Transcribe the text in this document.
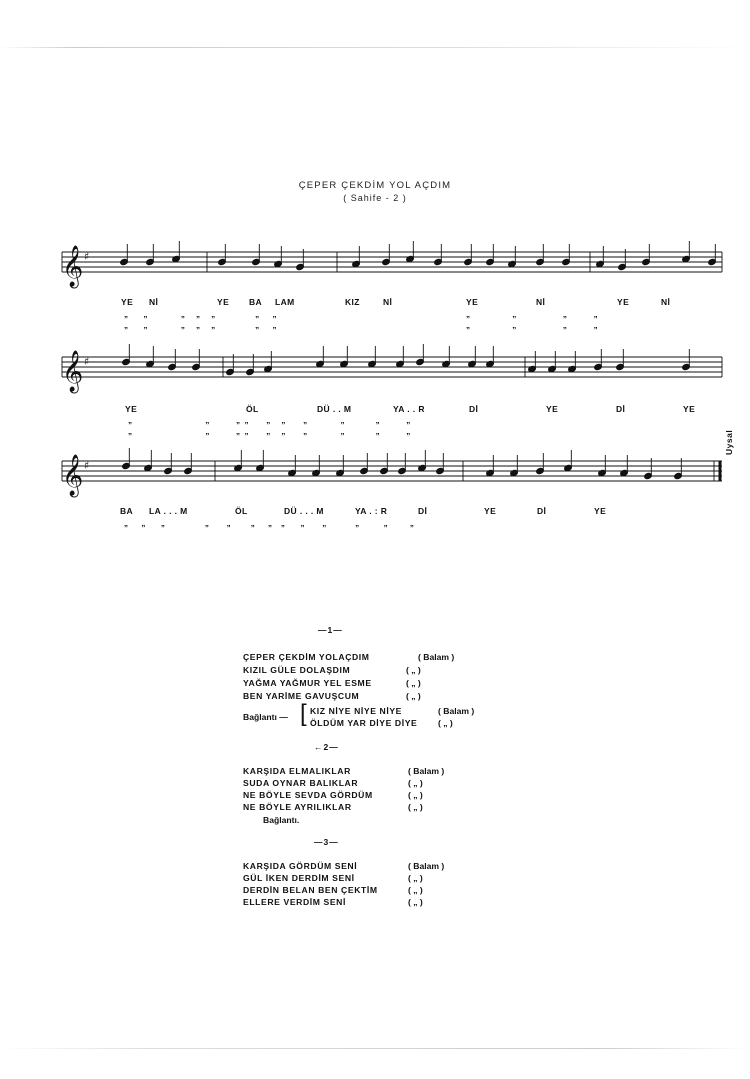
ÇEPER ÇEKDİM YOL AÇDIM
( Sahife - 2 )
𝄞 ♯
𝄞 ♯
𝄞 ♯
YE Nİ	YE BA LAM	KIZ	Nİ	YE	Nİ	YE	Nİ
YE	ÖL	DÜ . . M	YA . . R	Dİ	YE	Dİ	YE
BA LA . . . M	ÖL	DÜ . . . M	YA . : R	Dİ	YE	Dİ	YE
„       „               „     „     „                  „      „
„       „               „     „     „                  „      „
„                   „                     „            „
„                   „                     „            „
„                                 „            „  „        „     „        „               „              „            „
„                                 „            „  „        „     „        „               „              „            „
„      „       „                  „        „         „      „    „       „        „             „           „          „
Uysal
—1—
ÇEPER ÇEKDİM YOLAÇDIM	( Balam )
KIZIL GÜLE DOLAŞDIM	( „ )
YAĞMA YAĞMUR YEL ESME	( „ )
BEN YARİME GAVUŞCUM	( „ )
Bağlantı — [ KIZ NİYE NİYE NİYE	( Balam )
ÖLDÜM YAR DİYE DİYE ( „ )
←2—
KARŞIDA ELMALIKLAR	( Balam )
SUDA OYNAR BALIKLAR	( „ )
NE BÖYLE SEVDA GÖRDÜM	( „ )
NE BÖYLE AYRILIKLAR	( „ )
Bağlantı.
—3—
KARŞIDA GÖRDÜM SENİ	( Balam )
GÜL İKEN DERDİM SENİ	( „ )
DERDİN BELAN BEN ÇEKTİM	( „ )
ELLERE VERDİM SENİ	( „ )
